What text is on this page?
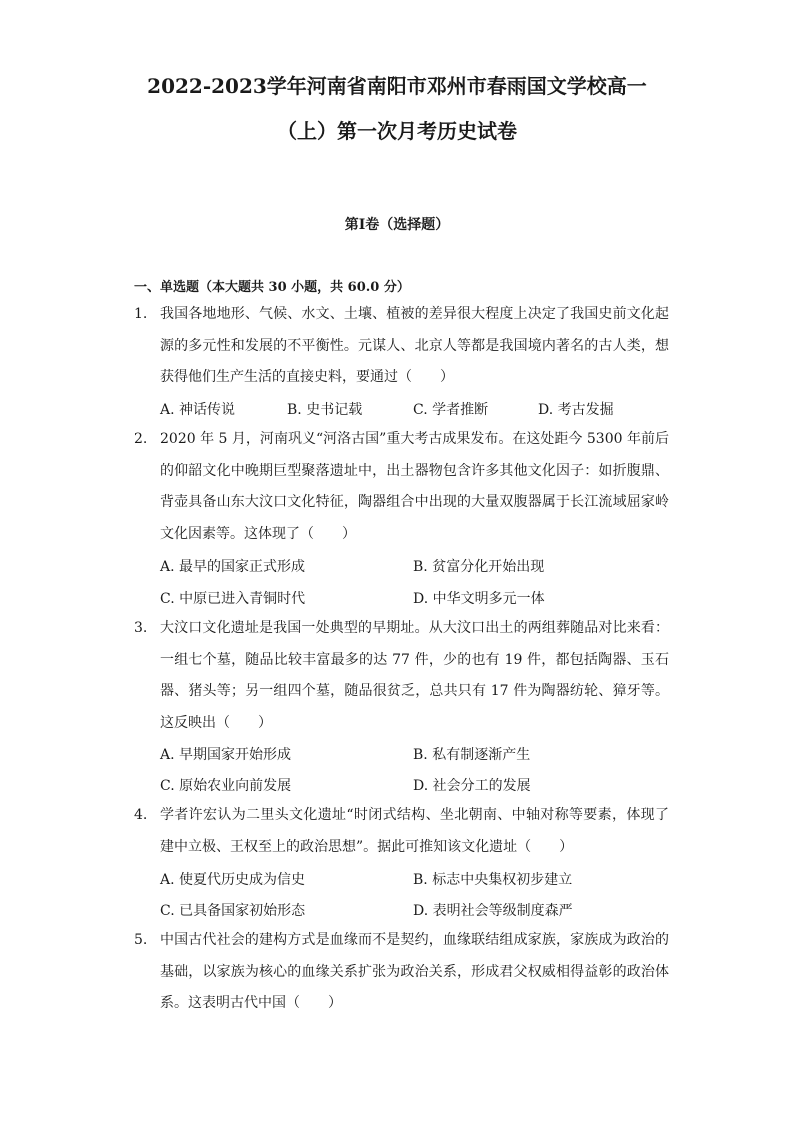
2022-2023学年河南省南阳市邓州市春雨国文学校高一
（上）第一次月考历史试卷
第I卷（选择题）
一、单选题（本大题共 30 小题，共 60.0 分）
1. 我国各地地形、气候、水文、土壤、植被的差异很大程度上决定了我国史前文化起源的多元性和发展的不平衡性。元谋人、北京人等都是我国境内著名的古人类，想获得他们生产生活的直接史料，要通过（　　）
A. 神话传说	B. 史书记载	C. 学者推断	D. 考古发掘
2. 2020 年 5 月，河南巩义“河洛古国”重大考古成果发布。在这处距今 5300 年前后的仰韶文化中晚期巨型聚落遗址中，出土器物包含许多其他文化因子：如折腹鼎、背壶具备山东大汶口文化特征，陶器组合中出现的大量双腹器属于长江流域屈家岭文化因素等。这体现了（　　）
A. 最早的国家正式形成	B. 贫富分化开始出现
C. 中原已进入青铜时代	D. 中华文明多元一体
3. 大汶口文化遗址是我国一处典型的早期址。从大汶口出土的两组葬随品对比来看：一组七个墓，随品比较丰富最多的达 77 件，少的也有 19 件，都包括陶器、玉石器、猪头等；另一组四个墓，随品很贫乏，总共只有 17 件为陶器纺轮、獐牙等。这反映出（　　）
A. 早期国家开始形成	B. 私有制逐渐产生
C. 原始农业向前发展	D. 社会分工的发展
4. 学者许宏认为二里头文化遗址“时闭式结构、坐北朝南、中轴对称等要素，体现了建中立极、王权至上的政治思想”。据此可推知该文化遗址（　　）
A. 使夏代历史成为信史	B. 标志中央集权初步建立
C. 已具备国家初始形态	D. 表明社会等级制度森严
5. 中国古代社会的建构方式是血缘而不是契约，血缘联结组成家族，家族成为政治的基础，以家族为核心的血缘关系扩张为政治关系，形成君父权威相得益彰的政治体系。这表明古代中国（　　）
